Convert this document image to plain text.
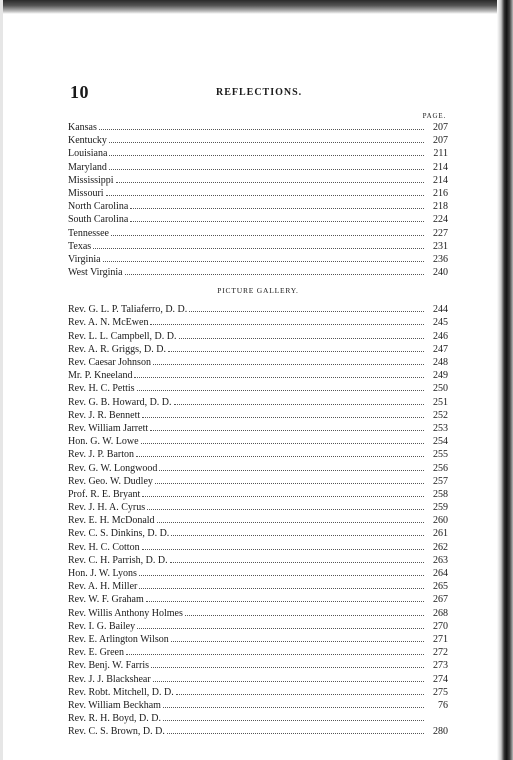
10	REFLECTIONS.
PAGE.
Kansas	207
Kentucky	207
Louisiana	211
Maryland	214
Mississippi	214
Missouri	216
North Carolina	218
South Carolina	224
Tennessee	227
Texas	231
Virginia	236
West Virginia	240
PICTURE GALLERY.
Rev. G. L. P. Taliaferro, D. D.	244
Rev. A. N. McEwen	245
Rev. L. L. Campbell, D. D.	246
Rev. A. R. Griggs, D. D.	247
Rev. Caesar Johnson	248
Mr. P. Kneeland	249
Rev. H. C. Pettis	250
Rev. G. B. Howard, D. D.	251
Rev. J. R. Bennett	252
Rev. William Jarrett	253
Hon. G. W. Lowe	254
Rev. J. P. Barton	255
Rev. G. W. Longwood	256
Rev. Geo. W. Dudley	257
Prof. R. E. Bryant	258
Rev. J. H. A. Cyrus	259
Rev. E. H. McDonald	260
Rev. C. S. Dinkins, D. D.	261
Rev. H. C. Cotton	262
Rev. C. H. Parrish, D. D.	263
Hon. J. W. Lyons	264
Rev. A. H. Miller	265
Rev. W. F. Graham	267
Rev. Willis Anthony Holmes	268
Rev. I. G. Bailey	270
Rev. E. Arlington Wilson	271
Rev. E. Green	272
Rev. Benj. W. Farris	273
Rev. J. J. Blackshear	274
Rev. Robt. Mitchell, D. D.	275
Rev. William Beckham	76
Rev. R. H. Boyd, D. D.
Rev. C. S. Brown, D. D.	280
